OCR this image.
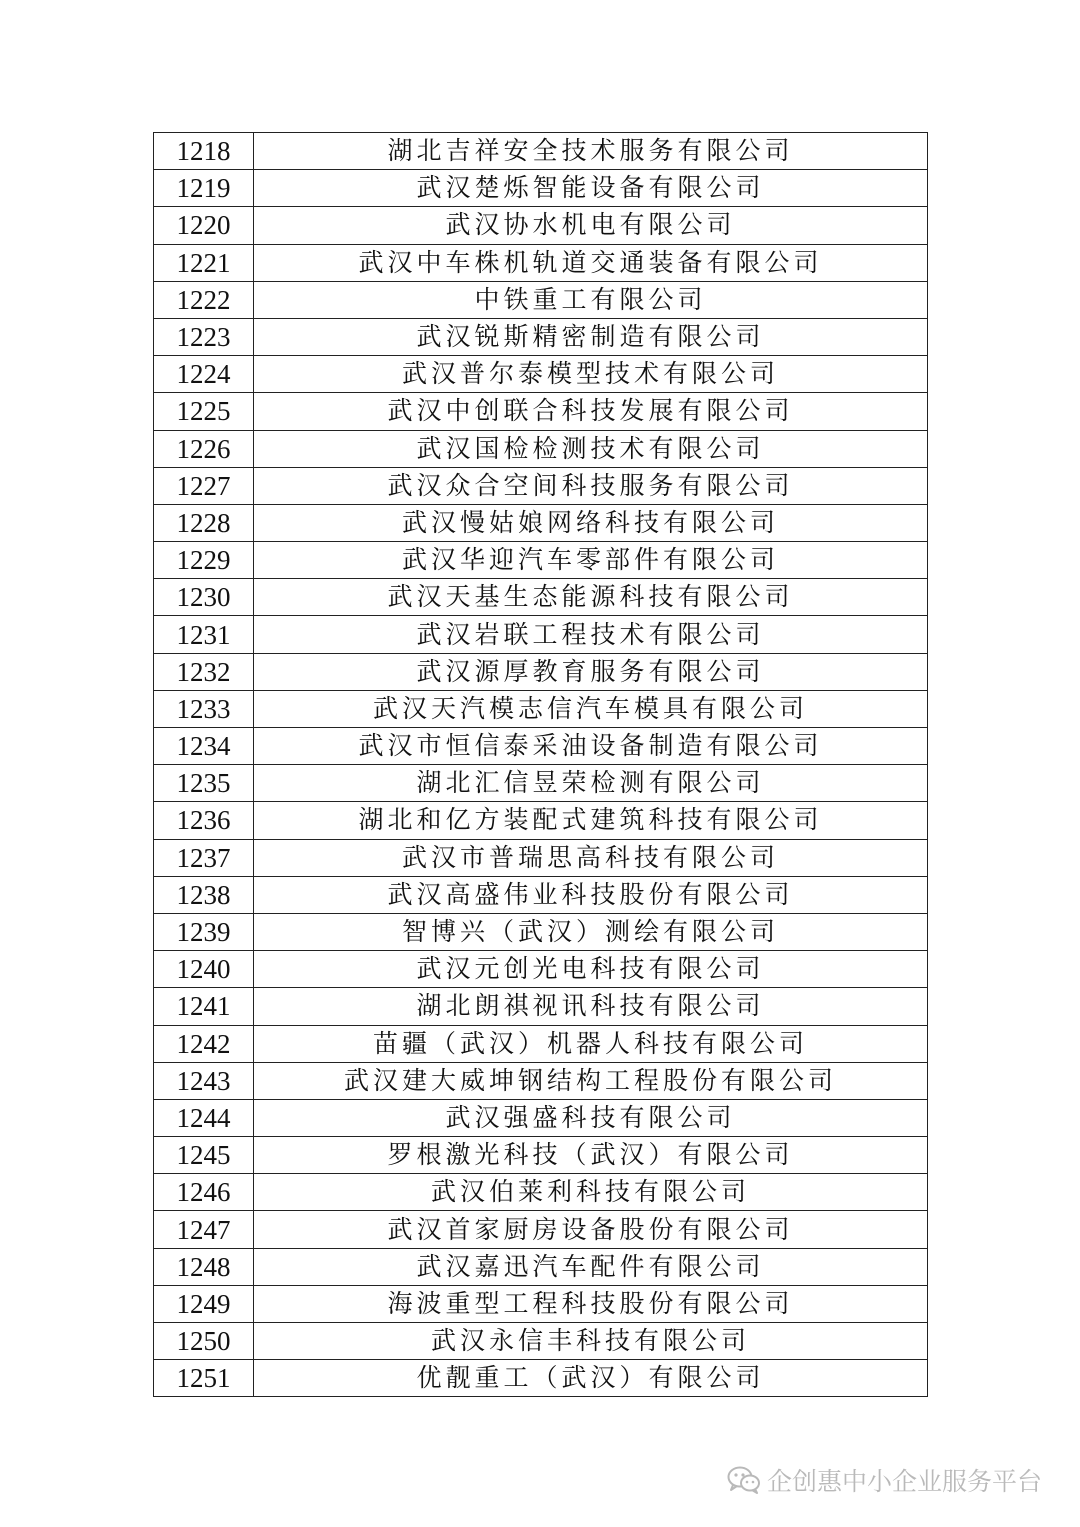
1218	湖北吉祥安全技术服务有限公司
1219	武汉楚烁智能设备有限公司
1220	武汉协水机电有限公司
1221	武汉中车株机轨道交通装备有限公司
1222	中铁重工有限公司
1223	武汉锐斯精密制造有限公司
1224	武汉普尔泰模型技术有限公司
1225	武汉中创联合科技发展有限公司
1226	武汉国检检测技术有限公司
1227	武汉众合空间科技服务有限公司
1228	武汉慢姑娘网络科技有限公司
1229	武汉华迎汽车零部件有限公司
1230	武汉天基生态能源科技有限公司
1231	武汉岩联工程技术有限公司
1232	武汉源厚教育服务有限公司
1233	武汉天汽模志信汽车模具有限公司
1234	武汉市恒信泰采油设备制造有限公司
1235	湖北汇信昱荣检测有限公司
1236	湖北和亿方装配式建筑科技有限公司
1237	武汉市普瑞思高科技有限公司
1238	武汉高盛伟业科技股份有限公司
1239	智博兴（武汉）测绘有限公司
1240	武汉元创光电科技有限公司
1241	湖北朗祺视讯科技有限公司
1242	苗疆（武汉）机器人科技有限公司
1243	武汉建大威坤钢结构工程股份有限公司
1244	武汉强盛科技有限公司
1245	罗根激光科技（武汉）有限公司
1246	武汉伯莱利科技有限公司
1247	武汉首家厨房设备股份有限公司
1248	武汉嘉迅汽车配件有限公司
1249	海波重型工程科技股份有限公司
1250	武汉永信丰科技有限公司
1251	优靓重工（武汉）有限公司
企创惠中小企业服务平台
